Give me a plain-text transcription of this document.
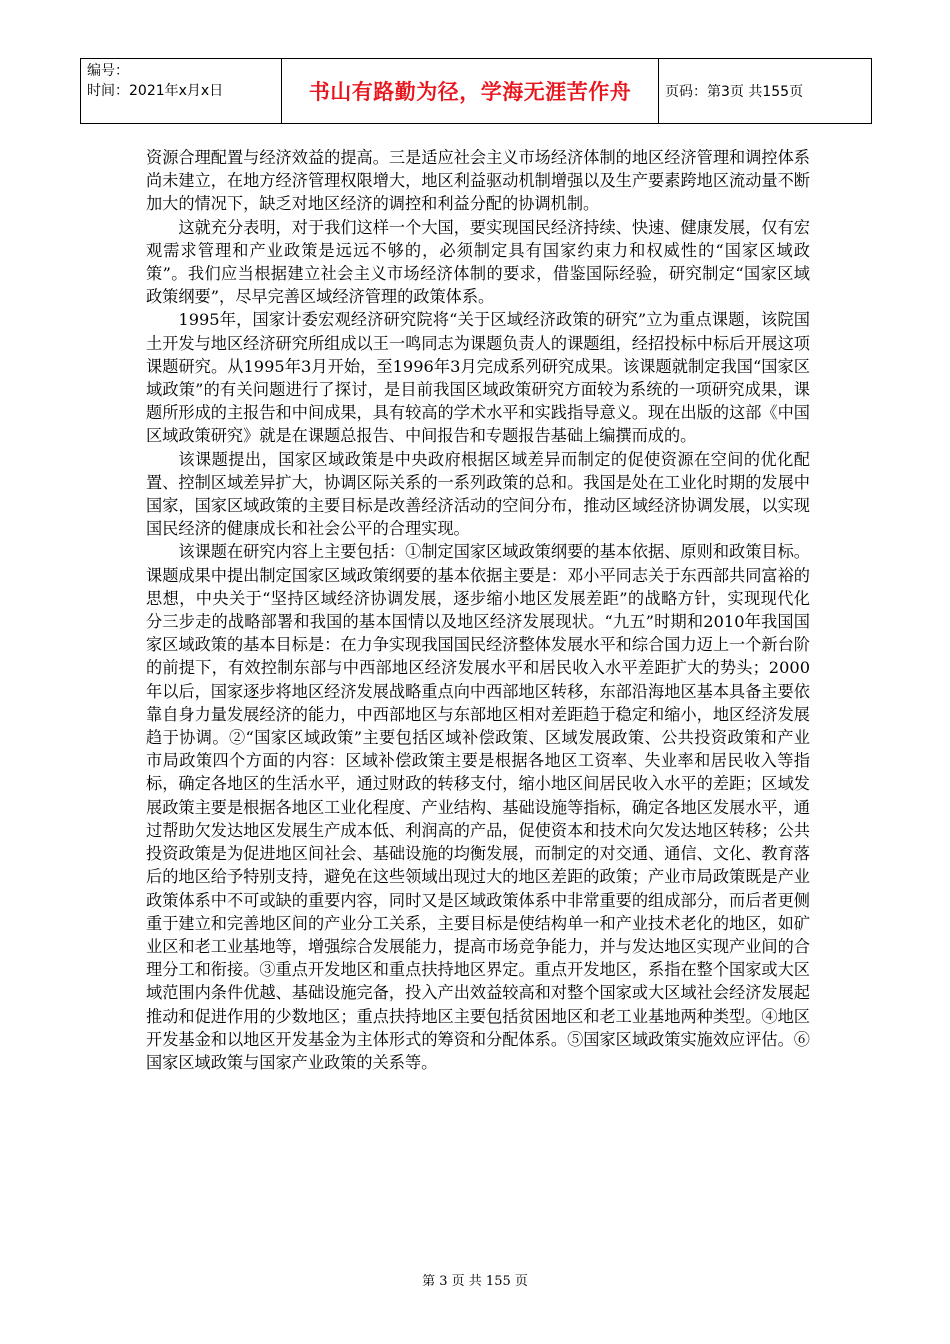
编号：
时间：2021年x月x日	书山有路勤为径，学海无涯苦作舟	页码：第3页 共155页

资源合理配置与经济效益的提高。三是适应社会主义市场经济体制的地区经济管理和调控体系尚未建立，在地方经济管理权限增大，地区利益驱动机制增强以及生产要素跨地区流动量不断加大的情况下，缺乏对地区经济的调控和利益分配的协调机制。

这就充分表明，对于我们这样一个大国，要实现国民经济持续、快速、健康发展，仅有宏观需求管理和产业政策是远远不够的，必须制定具有国家约束力和权威性的“国家区域政策”。我们应当根据建立社会主义市场经济体制的要求，借鉴国际经验，研究制定“国家区域政策纲要”，尽早完善区域经济管理的政策体系。

1995年，国家计委宏观经济研究院将“关于区域经济政策的研究”立为重点课题，该院国土开发与地区经济研究所组成以王一鸣同志为课题负责人的课题组，经招投标中标后开展这项课题研究。从1995年3月开始，至1996年3月完成系列研究成果。该课题就制定我国“国家区域政策”的有关问题进行了探讨，是目前我国区域政策研究方面较为系统的一项研究成果，课题所形成的主报告和中间成果，具有较高的学术水平和实践指导意义。现在出版的这部《中国区域政策研究》就是在课题总报告、中间报告和专题报告基础上编撰而成的。

该课题提出，国家区域政策是中央政府根据区域差异而制定的促使资源在空间的优化配置、控制区域差异扩大，协调区际关系的一系列政策的总和。我国是处在工业化时期的发展中国家，国家区域政策的主要目标是改善经济活动的空间分布，推动区域经济协调发展，以实现国民经济的健康成长和社会公平的合理实现。

该课题在研究内容上主要包括：①制定国家区域政策纲要的基本依据、原则和政策目标。课题成果中提出制定国家区域政策纲要的基本依据主要是：邓小平同志关于东西部共同富裕的思想，中央关于“坚持区域经济协调发展，逐步缩小地区发展差距”的战略方针，实现现代化分三步走的战略部署和我国的基本国情以及地区经济发展现状。“九五”时期和2010年我国国家区域政策的基本目标是：在力争实现我国国民经济整体发展水平和综合国力迈上一个新台阶的前提下，有效控制东部与中西部地区经济发展水平和居民收入水平差距扩大的势头；2000年以后，国家逐步将地区经济发展战略重点向中西部地区转移，东部沿海地区基本具备主要依靠自身力量发展经济的能力，中西部地区与东部地区相对差距趋于稳定和缩小，地区经济发展趋于协调。②“国家区域政策”主要包括区域补偿政策、区域发展政策、公共投资政策和产业市局政策四个方面的内容：区域补偿政策主要是根据各地区工资率、失业率和居民收入等指标，确定各地区的生活水平，通过财政的转移支付，缩小地区间居民收入水平的差距；区域发展政策主要是根据各地区工业化程度、产业结构、基础设施等指标，确定各地区发展水平，通过帮助欠发达地区发展生产成本低、利润高的产品，促使资本和技术向欠发达地区转移；公共投资政策是为促进地区间社会、基础设施的均衡发展，而制定的对交通、通信、文化、教育落后的地区给予特别支持，避免在这些领域出现过大的地区差距的政策；产业市局政策既是产业政策体系中不可或缺的重要内容，同时又是区域政策体系中非常重要的组成部分，而后者更侧重于建立和完善地区间的产业分工关系，主要目标是使结构单一和产业技术老化的地区，如矿业区和老工业基地等，增强综合发展能力，提高市场竞争能力，并与发达地区实现产业间的合理分工和衔接。③重点开发地区和重点扶持地区界定。重点开发地区，系指在整个国家或大区域范围内条件优越、基础设施完备，投入产出效益较高和对整个国家或大区域社会经济发展起推动和促进作用的少数地区；重点扶持地区主要包括贫困地区和老工业基地两种类型。④地区开发基金和以地区开发基金为主体形式的筹资和分配体系。⑤国家区域政策实施效应评估。⑥国家区域政策与国家产业政策的关系等。

第 3 页 共 155 页
